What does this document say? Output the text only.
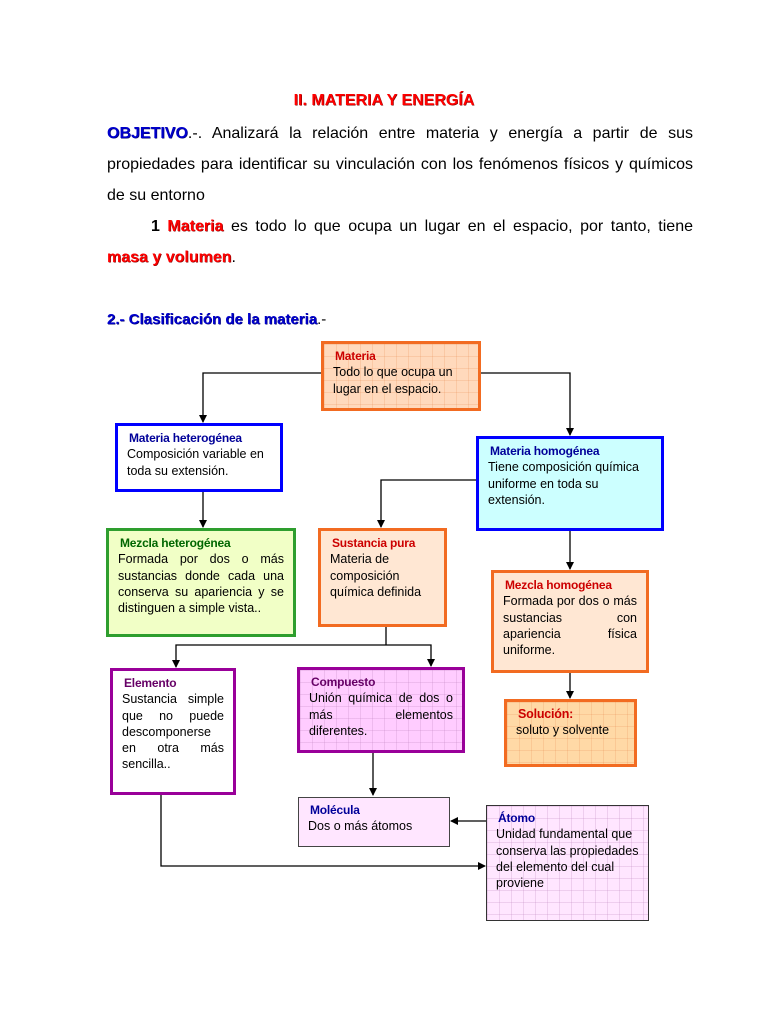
II. MATERIA Y ENERGÍA

OBJETIVO.-. Analizará la relación entre materia y energía a partir de sus propiedades para identificar su vinculación con los fenómenos físicos y químicos de su entorno

1 Materia es todo lo que ocupa un lugar en el espacio, por tanto, tiene masa y volumen.

2.- Clasificación de la materia.-
Materia
Todo lo que ocupa un lugar en el espacio.
Materia heterogénea
Composición variable en toda su extensión.
Materia homogénea
Tiene composición química uniforme en toda su extensión.
Mezcla heterogénea
Formada por dos o más sustancias donde cada una conserva su apariencia y se distinguen a simple vista..
Sustancia pura
Materia de composición química definida	Mezcla homogénea
Formada por dos o más sustancias con apariencia física uniforme.
Elemento
Sustancia simple que no puede descomponerse en otra más sencilla..
Compuesto
Unión química de dos o más elementos diferentes.
Solución:
soluto y solvente
Molécula
Dos o más átomos
Átomo
Unidad fundamental que conserva las propiedades del elemento del cual proviene
